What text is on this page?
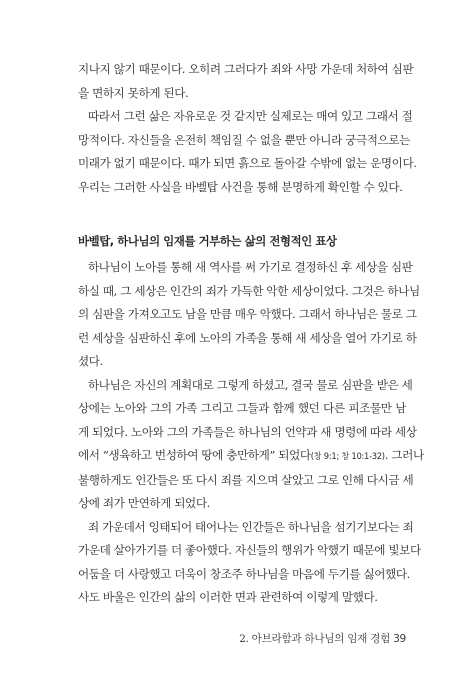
지나지 않기 때문이다. 오히려 그러다가 죄와 사망 가운데 처하여 심판
을 면하지 못하게 된다.

따라서 그런 삶은 자유로운 것 같지만 실제로는 매여 있고 그래서 절
망적이다. 자신들을 온전히 책임질 수 없을 뿐만 아니라 궁극적으로는
미래가 없기 때문이다. 때가 되면 흙으로 돌아갈 수밖에 없는 운명이다.
우리는 그러한 사실을 바벨탑 사건을 통해 분명하게 확인할 수 있다.

바벨탑, 하나님의 임재를 거부하는 삶의 전형적인 표상

하나님이 노아를 통해 새 역사를 써 가기로 결정하신 후 세상을 심판
하실 때, 그 세상은 인간의 죄가 가득한 악한 세상이었다. 그것은 하나님
의 심판을 가져오고도 남을 만큼 매우 악했다. 그래서 하나님은 물로 그
런 세상을 심판하신 후에 노아의 가족을 통해 새 세상을 열어 가기로 하
셨다.

하나님은 자신의 계획대로 그렇게 하셨고, 결국 물로 심판을 받은 세
상에는 노아와 그의 가족 그리고 그들과 함께 했던 다른 피조물만 남
게 되었다. 노아와 그의 가족들은 하나님의 언약과 새 명령에 따라 세상
에서 “생육하고 번성하여 땅에 충만하게” 되었다(창 9:1; 창 10:1-32). 그러나
불행하게도 인간들은 또 다시 죄를 지으며 살았고 그로 인해 다시금 세
상에 죄가 만연하게 되었다.

죄 가운데서 잉태되어 태어나는 인간들은 하나님을 섬기기보다는 죄
가운데 살아가기를 더 좋아했다. 자신들의 행위가 악했기 때문에 빛보다
어둠을 더 사랑했고 더욱이 창조주 하나님을 마음에 두기를 싫어했다.
사도 바울은 인간의 삶의 이러한 면과 관련하여 이렇게 말했다.

2. 아브라함과 하나님의 임재 경험 39
